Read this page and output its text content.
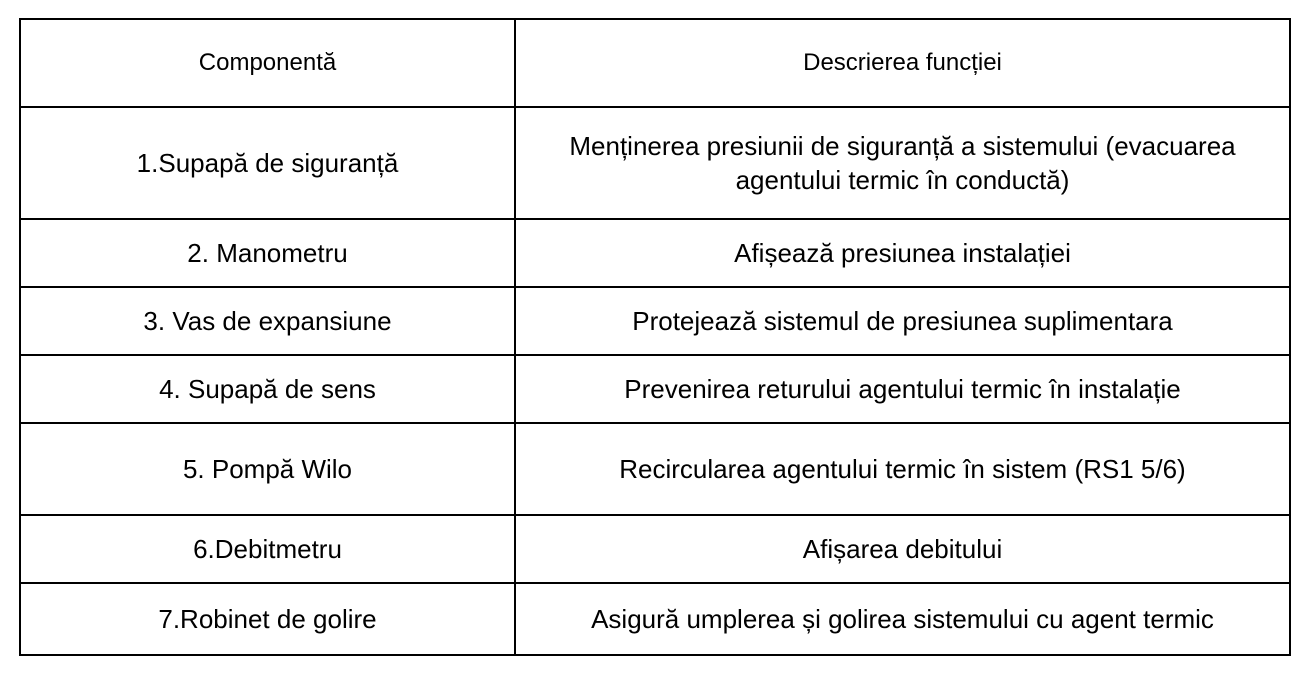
Componentă	Descrierea funcției
1.Supapă de siguranță	Menținerea presiunii de siguranță a sistemului (evacuarea agentului termic în conductă)
2. Manometru	Afișează presiunea instalației
3. Vas de expansiune	Protejează sistemul de presiunea suplimentara
4. Supapă de sens	Prevenirea returului agentului termic în instalație
5. Pompă Wilo	Recircularea agentului termic în sistem (RS1 5/6)
6.Debitmetru	Afișarea debitului
7.Robinet de golire	Asigură umplerea și golirea sistemului cu agent termic
